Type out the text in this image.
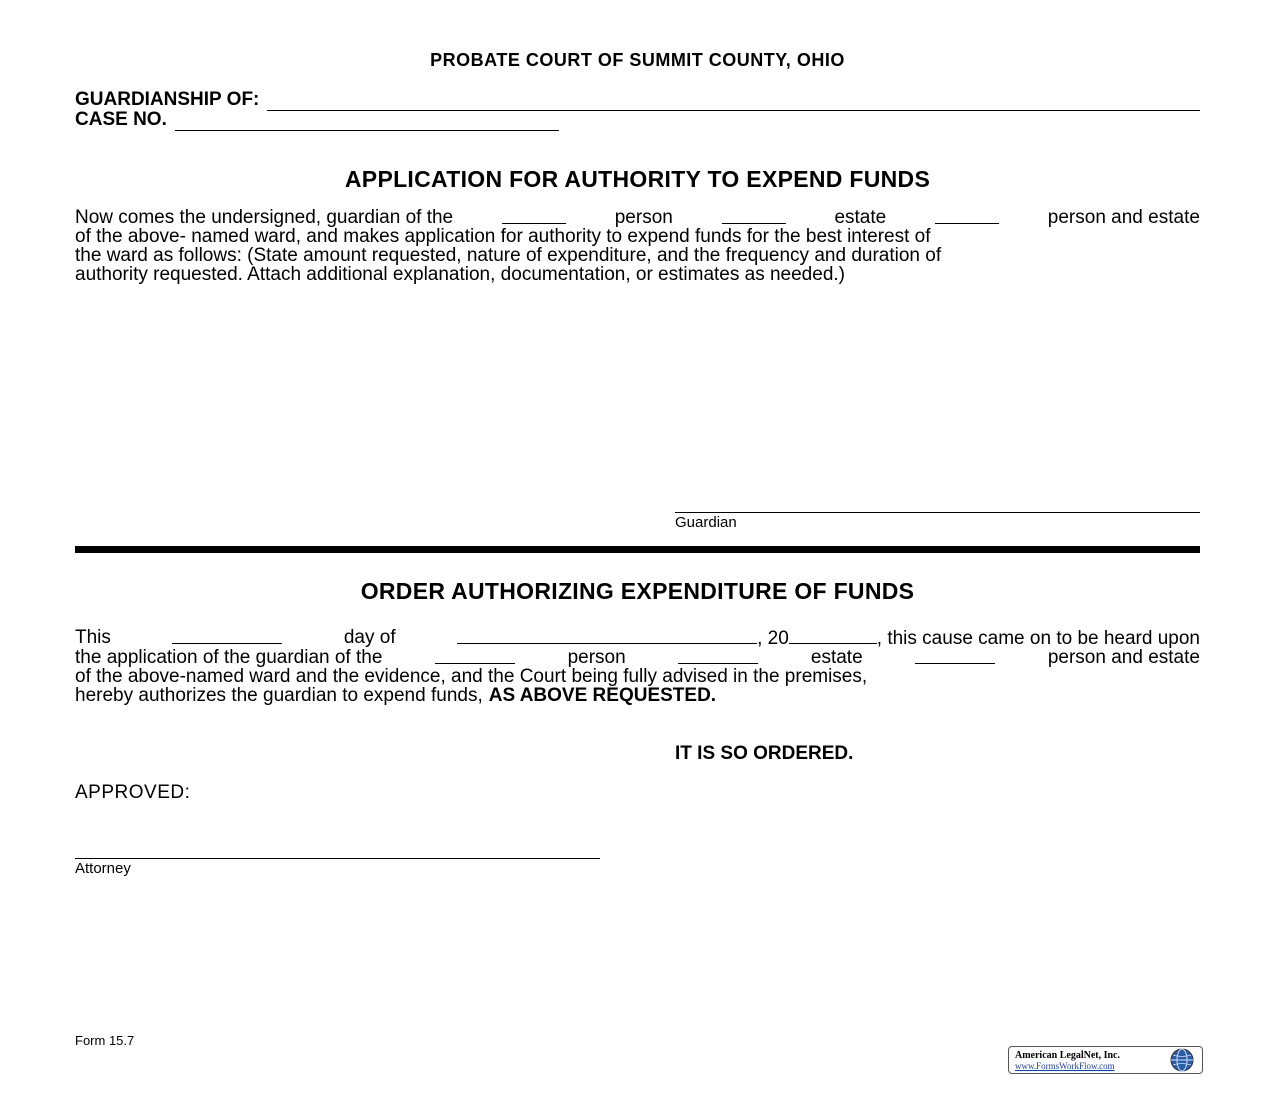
PROBATE COURT OF SUMMIT COUNTY, OHIO
GUARDIANSHIP OF:
CASE NO.
APPLICATION FOR AUTHORITY TO EXPEND FUNDS
Now comes the undersigned, guardian of the	person	estate	person and estate
of the above- named ward, and makes application for authority to expend funds for the best interest of
the ward as follows: (State amount requested, nature of expenditure, and the frequency and duration of
authority requested. Attach additional explanation, documentation, or estimates as needed.)
Guardian
ORDER AUTHORIZING EXPENDITURE OF FUNDS
This	day of	, 20	, this cause came on to be heard upon
the application of the guardian of the	person	estate	person and estate
of the above-named ward and the evidence, and the Court being fully advised in the premises,
hereby authorizes the guardian to expend funds, AS ABOVE REQUESTED.
IT IS SO ORDERED.
APPROVED:
Attorney
Form 15.7
American LegalNet, Inc.
www.FormsWorkFlow.com
